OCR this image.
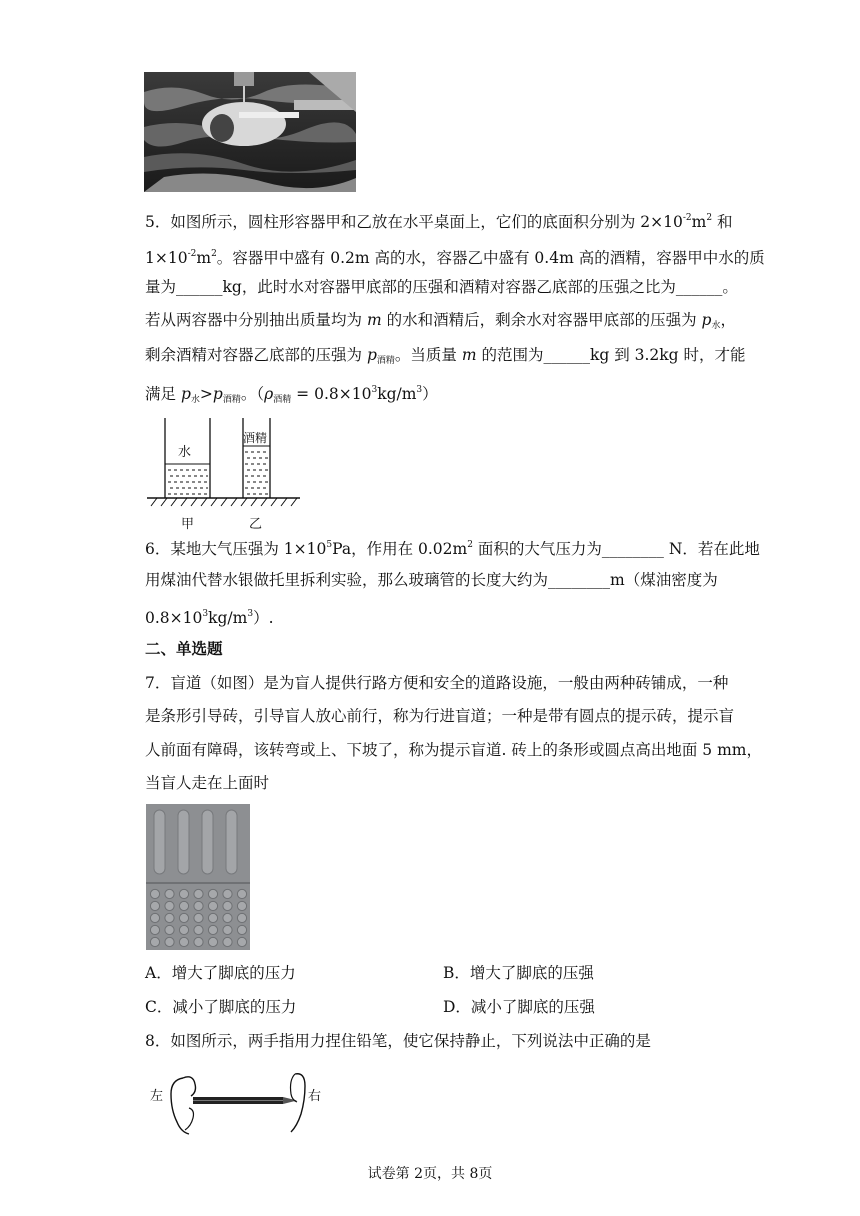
5．如图所示，圆柱形容器甲和乙放在水平桌面上，它们的底面积分别为 $2\times 10^{-2}m^2$ 和
$1\times 10^{-2}m^2$。容器甲中盛有 0.2m 高的水，容器乙中盛有 0.4m 高的酒精，容器甲中水的质
量为______kg，此时水对容器甲底部的压强和酒精对容器乙底部的压强之比为______。
若从两容器中分别抽出质量均为 m 的水和酒精后，剩余水对容器甲底部的压强为 $p_水$，
剩余酒精对容器乙底部的压强为 $p_{酒精}$。当质量 m 的范围为______kg 到 3.2kg 时，才能
满足 $p_水>p_{酒精}$。$(\rho_{酒精} = 0.8\times 10^3kg/m^3)$
水
酒精
甲	乙
6．某地大气压强为 $1\times 10^5Pa$，作用在 $0.02m^2$ 面积的大气压力为________ N．若在此地
用煤油代替水银做托里拆利实验，那么玻璃管的长度大约为________m（煤油密度为
$0.8\times 10^3kg/m^3$）.
二、单选题
7．盲道（如图）是为盲人提供行路方便和安全的道路设施，一般由两种砖铺成，一种
是条形引导砖，引导盲人放心前行，称为行进盲道；一种是带有圆点的提示砖，提示盲
人前面有障碍，该转弯或上、下坡了，称为提示盲道. 砖上的条形或圆点高出地面 5 mm，
当盲人走在上面时
A．增大了脚底的压力	B．增大了脚底的压强
C．减小了脚底的压力	D．减小了脚底的压强
8．如图所示，两手指用力捏住铅笔，使它保持静止，下列说法中正确的是
左	右
试卷第 2页，共 8页
